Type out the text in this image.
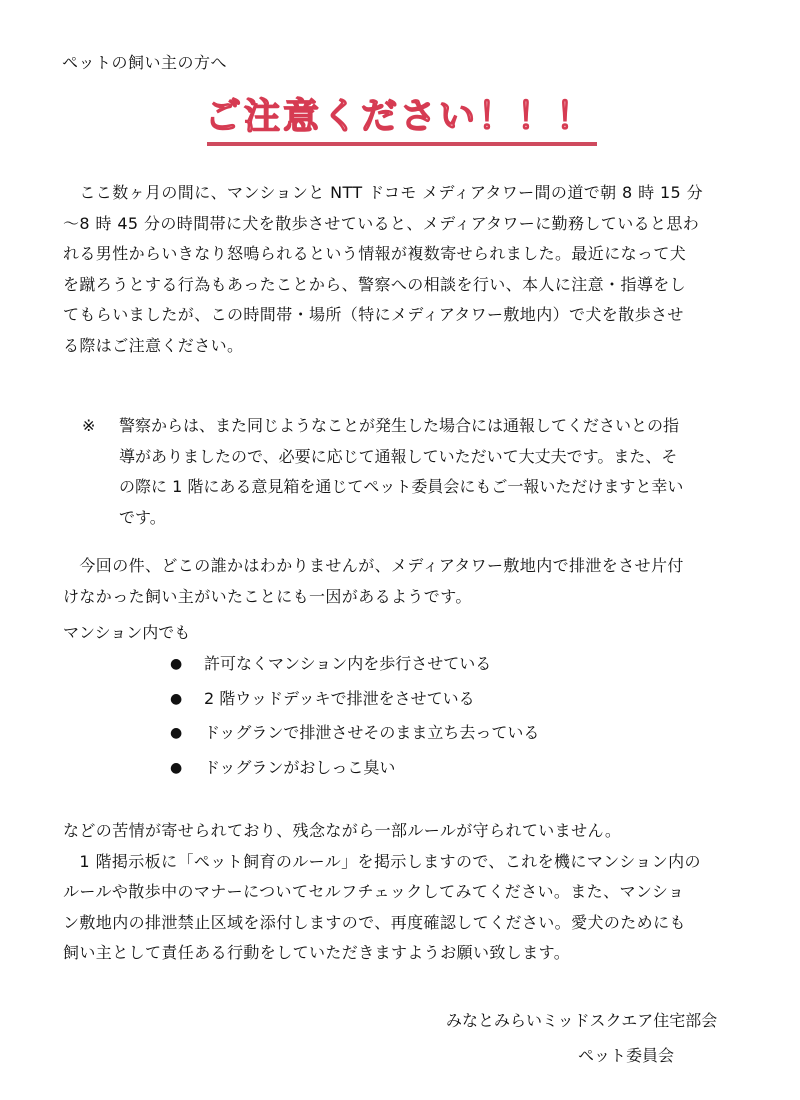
ペットの飼い主の方へ
ご注意ください！！！
　ここ数ヶ月の間に、マンションと NTT ドコモ メディアタワー間の道で朝 8 時 15 分
～8 時 45 分の時間帯に犬を散歩させていると、メディアタワーに勤務していると思わ
れる男性からいきなり怒鳴られるという情報が複数寄せられました。最近になって犬
を蹴ろうとする行為もあったことから、警察への相談を行い、本人に注意・指導をし
てもらいましたが、この時間帯・場所（特にメディアタワー敷地内）で犬を散歩させ
る際はご注意ください。
※ 警察からは、また同じようなことが発生した場合には通報してくださいとの指
導がありましたので、必要に応じて通報していただいて大丈夫です。また、そ
の際に 1 階にある意見箱を通じてペット委員会にもご一報いただけますと幸い
です。
　今回の件、どこの誰かはわかりませんが、メディアタワー敷地内で排泄をさせ片付
けなかった飼い主がいたことにも一因があるようです。
マンション内でも
●	許可なくマンション内を歩行させている
●	2 階ウッドデッキで排泄をさせている
●	ドッグランで排泄させそのまま立ち去っている
●	ドッグランがおしっこ臭い
などの苦情が寄せられており、残念ながら一部ルールが守られていません。
　1 階掲示板に「ペット飼育のルール」を掲示しますので、これを機にマンション内の
ルールや散歩中のマナーについてセルフチェックしてみてください。また、マンショ
ン敷地内の排泄禁止区域を添付しますので、再度確認してください。愛犬のためにも
飼い主として責任ある行動をしていただきますようお願い致します。
みなとみらいミッドスクエア住宅部会
ペット委員会
